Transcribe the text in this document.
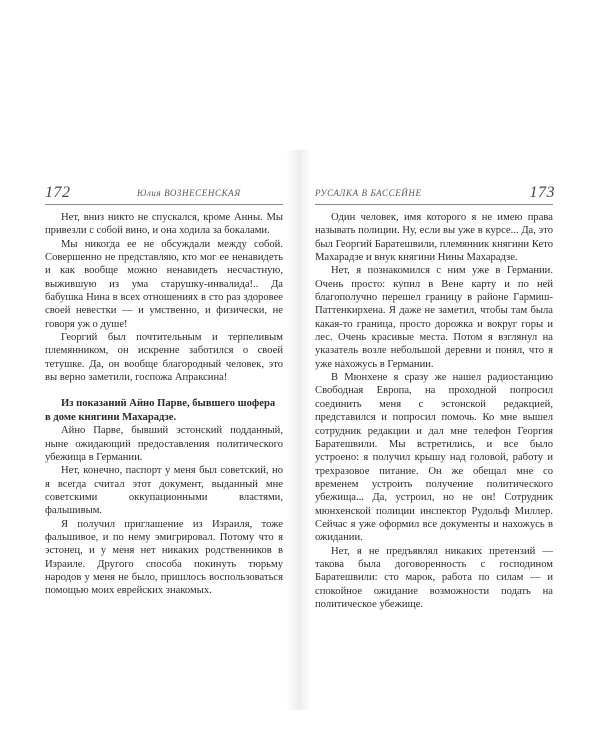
172	Юлия ВОЗНЕСЕНСКАЯ

Нет, вниз никто не спускался, кроме Анны. Мы привезли с собой вино, и она ходила за бокалами.

Мы никогда ее не обсуждали между собой. Совершенно не представляю, кто мог ее ненавидеть и как вообще можно ненавидеть несчастную, выжившую из ума старушку-инвалида!.. Да бабушка Нина в всех отношениях в сто раз здоровее своей невестки — и умственно, и физически, не говоря уж о душе!

Георгий был почтительным и терпеливым племянником, он искренне заботился о своей тетушке. Да, он вообще благородный человек, это вы верно заметили, госпожа Апраксина!

Из показаний Айно Парве, бывшего шофера в доме княгини Махарадзе.

Айно Парве, бывший эстонский подданный, ныне ожидающий предоставления политического убежища в Германии.

Нет, конечно, паспорт у меня был советский, но я всегда считал этот документ, выданный мне советскими оккупационными властями, фальшивым.

Я получил приглашение из Израиля, тоже фальшивое, и по нему эмигрировал. Потому что я эстонец, и у меня нет никаких родственников в Израиле. Другого способа покинуть тюрьму народов у меня не было, пришлось воспользоваться помощью моих еврейских знакомых.

РУСАЛКА В БАССЕЙНЕ	173

Один человек, имя которого я не имею права называть полиции. Ну, если вы уже в курсе... Да, это был Георгий Баратешвили, племянник княгини Кето Махарадзе и внук княгини Нины Махарадзе.

Нет, я познакомился с ним уже в Германии. Очень просто: купил в Вене карту и по ней благополучно перешел границу в районе Гармиш-Паттенкирхена. Я даже не заметил, чтобы там была какая-то граница, просто дорожка и вокруг горы и лес. Очень красивые места. Потом я взглянул на указатель возле небольшой деревни и понял, что я уже нахожусь в Германии.

В Мюнхене я сразу же нашел радиостанцию Свободная Европа, на проходной попросил соединить меня с эстонской редакцией, представился и попросил помочь. Ко мне вышел сотрудник редакции и дал мне телефон Георгия Баратешвили. Мы встретились, и все было устроено: я получил крышу над головой, работу и трехразовое питание. Он же обещал мне со временем устроить получение политического убежища... Да, устроил, но не он! Сотрудник мюнхенской полиции инспектор Рудольф Миллер. Сейчас я уже оформил все документы и нахожусь в ожидании.

Нет, я не предъявлял никаких претензий — такова была договоренность с господином Баратешвили: сто марок, работа по силам — и спокойное ожидание возможности подать на политическое убежище.
